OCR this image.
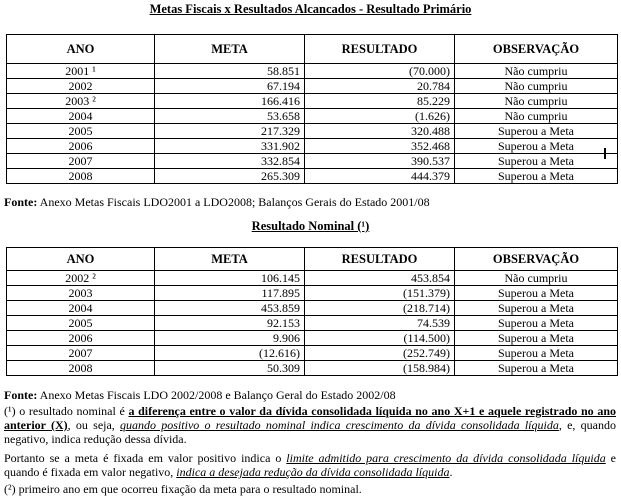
Metas Fiscais x Resultados Alcancados - Resultado Primário
ANO	META	RESULTADO	OBSERVAÇÃO
2001 ¹	58.851	(70.000)	Não cumpriu
2002	67.194	20.784	Não cumpriu
2003 ²	166.416	85.229	Não cumpriu
2004	53.658	(1.626)	Não cumpriu
2005	217.329	320.488	Superou a Meta
2006	331.902	352.468	Superou a Meta
2007	332.854	390.537	Superou a Meta
2008	265.309	444.379	Superou a Meta
Fonte: Anexo Metas Fiscais LDO2001 a LDO2008; Balanços Gerais do Estado 2001/08
Resultado Nominal (¹)
ANO	META	RESULTADO	OBSERVAÇÃO
2002 ²	106.145	453.854	Não cumpriu
2003	117.895	(151.379)	Superou a Meta
2004	453.859	(218.714)	Superou a Meta
2005	92.153	74.539	Superou a Meta
2006	9.906	(114.500)	Superou a Meta
2007	(12.616)	(252.749)	Superou a Meta
2008	50.309	(158.984)	Superou a Meta
Fonte: Anexo Metas Fiscais LDO 2002/2008 e Balanço Geral do Estado 2002/08
(¹) o resultado nominal é a diferença entre o valor da dívida consolidada líquida no ano X+1 e aquele registrado no ano anterior (X), ou seja, quando positivo o resultado nominal indica crescimento da dívida consolidada líquida, e, quando negativo, indica redução dessa dívida.
Portanto se a meta é fixada em valor positivo indica o limite admitido para crescimento da dívida consolidada líquida e quando é fixada em valor negativo, indica a desejada redução da dívida consolidada líquida.
(²) primeiro ano em que ocorreu fixação da meta para o resultado nominal.
